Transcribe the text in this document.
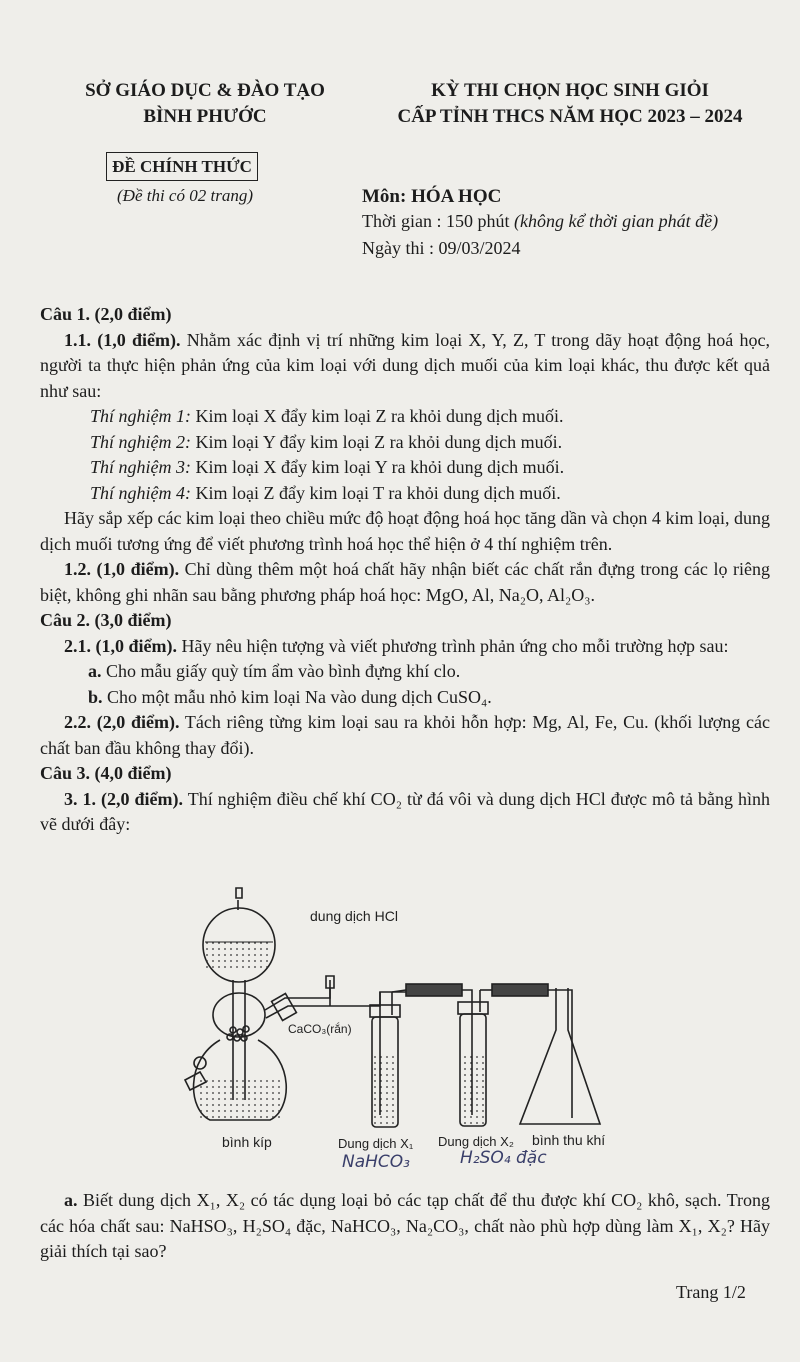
SỞ GIÁO DỤC & ĐÀO TẠO
BÌNH PHƯỚC
KỲ THI CHỌN HỌC SINH GIỎI
CẤP TỈNH THCS NĂM HỌC 2023 – 2024
ĐỀ CHÍNH THỨC
(Đề thi có 02 trang)	Môn: HÓA HỌC
Thời gian : 150 phút (không kể thời gian phát đề)
Ngày thi : 09/03/2024

Câu 1. (2,0 điểm)

1.1. (1,0 điểm). Nhằm xác định vị trí những kim loại X, Y, Z, T trong dãy hoạt động hoá học, người ta thực hiện phản ứng của kim loại với dung dịch muối của kim loại khác, thu được kết quả như sau:

Thí nghiệm 1: Kim loại X đẩy kim loại Z ra khỏi dung dịch muối.

Thí nghiệm 2: Kim loại Y đẩy kim loại Z ra khỏi dung dịch muối.

Thí nghiệm 3: Kim loại X đẩy kim loại Y ra khỏi dung dịch muối.

Thí nghiệm 4: Kim loại Z đẩy kim loại T ra khỏi dung dịch muối.

Hãy sắp xếp các kim loại theo chiều mức độ hoạt động hoá học tăng dần và chọn 4 kim loại, dung dịch muối tương ứng để viết phương trình hoá học thể hiện ở 4 thí nghiệm trên.

1.2. (1,0 điểm). Chỉ dùng thêm một hoá chất hãy nhận biết các chất rắn đựng trong các lọ riêng biệt, không ghi nhãn sau bằng phương pháp hoá học: MgO, Al, Na₂O, Al₂O₃.

Câu 2. (3,0 điểm)

2.1. (1,0 điểm). Hãy nêu hiện tượng và viết phương trình phản ứng cho mỗi trường hợp sau:

a. Cho mẫu giấy quỳ tím ẩm vào bình đựng khí clo.

b. Cho một mẫu nhỏ kim loại Na vào dung dịch CuSO₄.

2.2. (2,0 điểm). Tách riêng từng kim loại sau ra khỏi hỗn hợp: Mg, Al, Fe, Cu. (khối lượng các chất ban đầu không thay đổi).

Câu 3. (4,0 điểm)

3. 1. (2,0 điểm). Thí nghiệm điều chế khí CO₂ từ đá vôi và dung dịch HCl được mô tả bằng hình vẽ dưới đây:

dung dịch HCl
CaCO₃(rắn)
bình kíp	Dung dịch X₁ Dung dịch X₂ bình thu khí
NaHCO₃	H₂SO₄ đặc

a. Biết dung dịch X₁, X₂ có tác dụng loại bỏ các tạp chất để thu được khí CO₂ khô, sạch. Trong các hóa chất sau: NaHSO₃, H₂SO₄ đặc, NaHCO₃, Na₂CO₃, chất nào phù hợp dùng làm X₁, X₂? Hãy giải thích tại sao?

Trang 1/2
